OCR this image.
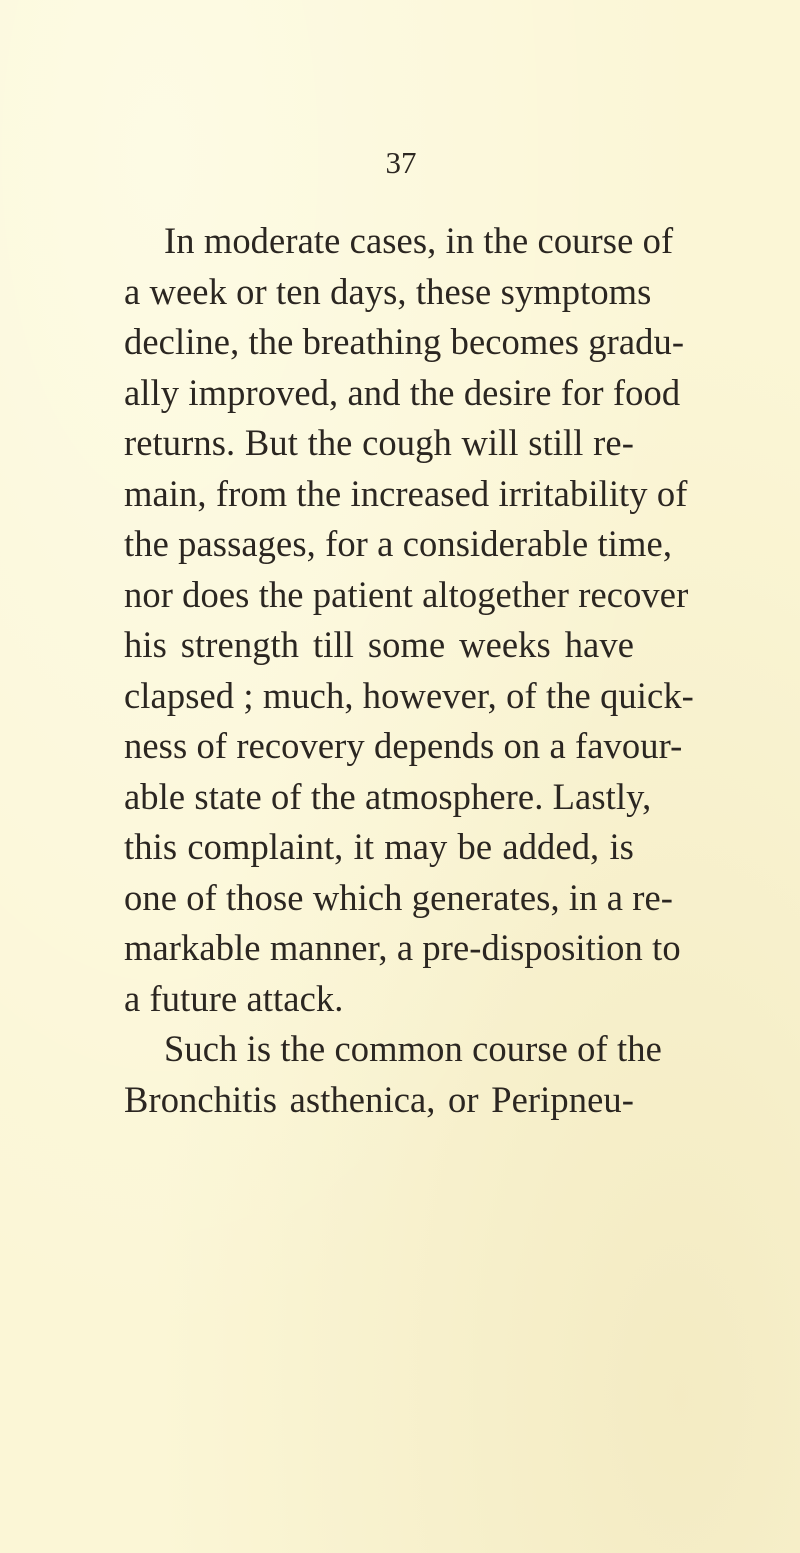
37
In moderate cases, in the course of
a week or ten days, these symptoms
decline, the breathing becomes gradu-
ally improved, and the desire for food
returns. But the cough will still re-
main, from the increased irritability of
the passages, for a considerable time,
nor does the patient altogether recover
his strength till some weeks have
clapsed ; much, however, of the quick-
ness of recovery depends on a favour-
able state of the atmosphere. Lastly,
this complaint, it may be added, is
one of those which generates, in a re-
markable manner, a pre-disposition to
a future attack.
Such is the common course of the
Bronchitis asthenica, or Peripneu-
